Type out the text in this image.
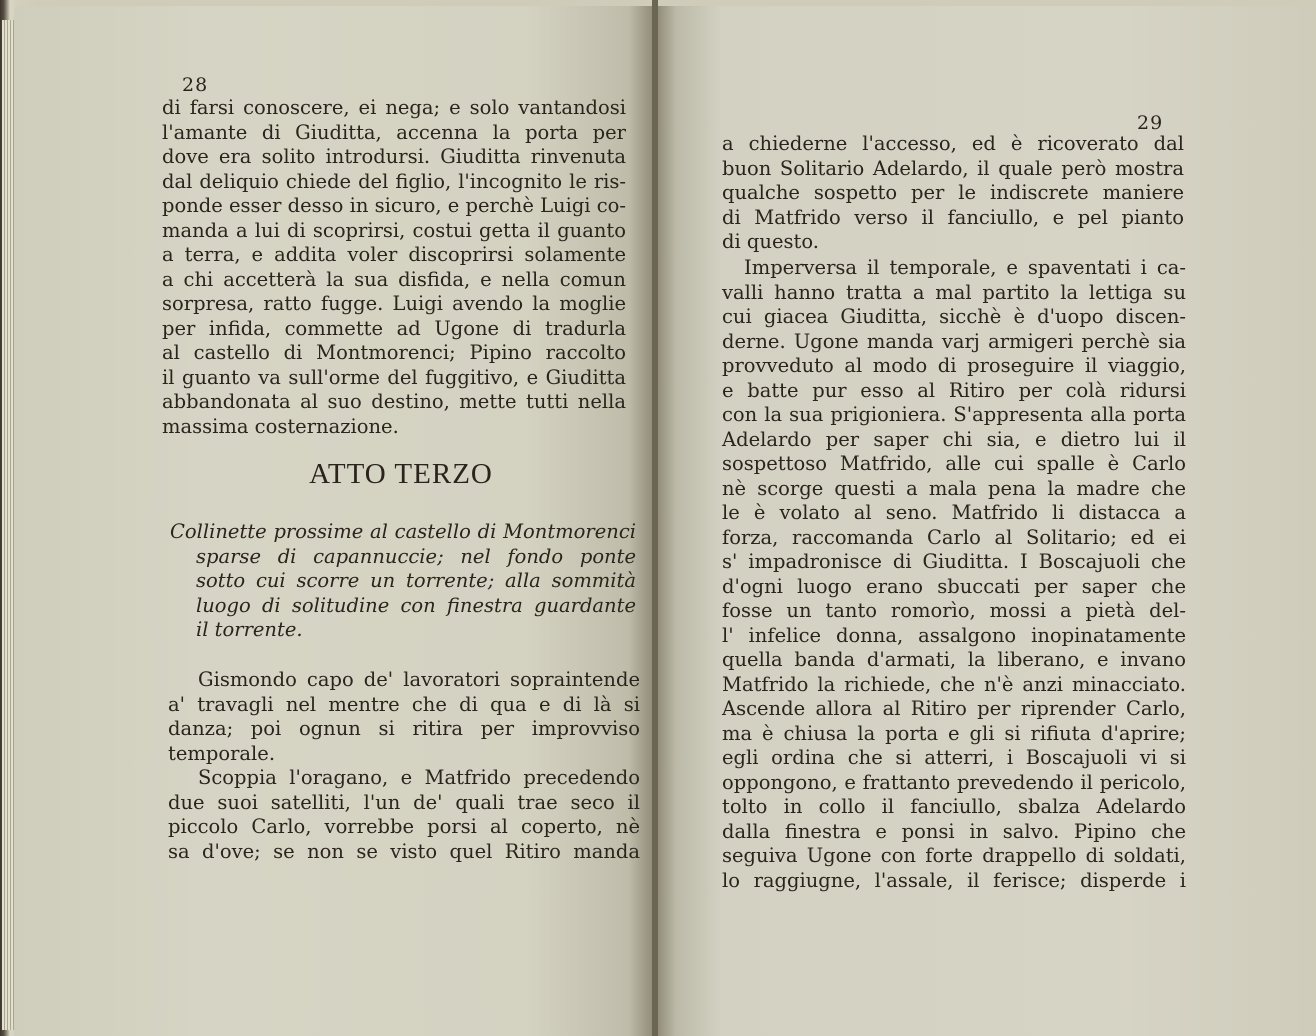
28
di farsi conoscere, ei nega; e solo vantandosi
l'amante di Giuditta, accenna la porta per
dove era solito introdursi. Giuditta rinvenuta
dal deliquio chiede del figlio, l'incognito le ris-
ponde esser desso in sicuro, e perchè Luigi co-
manda a lui di scoprirsi, costui getta il guanto
a terra, e addita voler discoprirsi solamente
a chi accetterà la sua disfida, e nella comun
sorpresa, ratto fugge. Luigi avendo la moglie
per infida, commette ad Ugone di tradurla
al castello di Montmorenci; Pipino raccolto
il guanto va sull'orme del fuggitivo, e Giuditta
abbandonata al suo destino, mette tutti nella
massima costernazione.
ATTO TERZO
Collinette prossime al castello di Montmorenci
sparse di capannuccie; nel fondo ponte
sotto cui scorre un torrente; alla sommità
luogo di solitudine con finestra guardante
il torrente.
Gismondo capo de' lavoratori sopraintende
a' travagli nel mentre che di qua e di là si
danza; poi ognun si ritira per improvviso
temporale.
Scoppia l'oragano, e Matfrido precedendo
due suoi satelliti, l'un de' quali trae seco il
piccolo Carlo, vorrebbe porsi al coperto, nè
sa d'ove; se non se visto quel Ritiro manda
29
a chiederne l'accesso, ed è ricoverato dal
buon Solitario Adelardo, il quale però mostra
qualche sospetto per le indiscrete maniere
di Matfrido verso il fanciullo, e pel pianto
di questo.
Imperversa il temporale, e spaventati i ca-
valli hanno tratta a mal partito la lettiga su
cui giacea Giuditta, sicchè è d'uopo discen-
derne. Ugone manda varj armigeri perchè sia
provveduto al modo di proseguire il viaggio,
e batte pur esso al Ritiro per colà ridursi
con la sua prigioniera. S'appresenta alla porta
Adelardo per saper chi sia, e dietro lui il
sospettoso Matfrido, alle cui spalle è Carlo
nè scorge questi a mala pena la madre che
le è volato al seno. Matfrido li distacca a
forza, raccomanda Carlo al Solitario; ed ei
s' impadronisce di Giuditta. I Boscajuoli che
d'ogni luogo erano sbuccati per saper che
fosse un tanto romorìo, mossi a pietà del-
l' infelice donna, assalgono inopinatamente
quella banda d'armati, la liberano, e invano
Matfrido la richiede, che n'è anzi minacciato.
Ascende allora al Ritiro per riprender Carlo,
ma è chiusa la porta e gli si rifiuta d'aprire;
egli ordina che si atterri, i Boscajuoli vi si
oppongono, e frattanto prevedendo il pericolo,
tolto in collo il fanciullo, sbalza Adelardo
dalla finestra e ponsi in salvo. Pipino che
seguiva Ugone con forte drappello di soldati,
lo raggiugne, l'assale, il ferisce; disperde i
